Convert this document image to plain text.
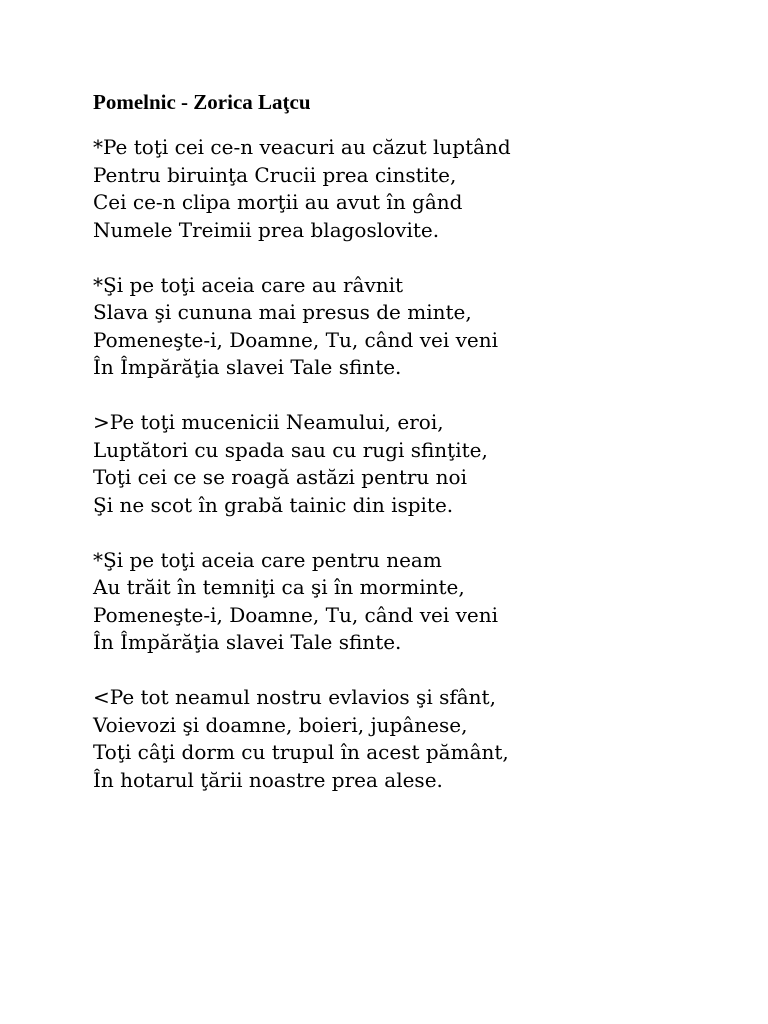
Pomelnic - Zorica Laţcu
*Pe toţi cei ce-n veacuri au căzut luptând
Pentru biruinţa Crucii prea cinstite,
Cei ce-n clipa morţii au avut în gând
Numele Treimii prea blagoslovite.
*Şi pe toţi aceia care au râvnit
Slava şi cununa mai presus de minte,
Pomeneşte-i, Doamne, Tu, când vei veni
În Împărăţia slavei Tale sfinte.
>Pe toţi mucenicii Neamului, eroi,
Luptători cu spada sau cu rugi sfinţite,
Toţi cei ce se roagă astăzi pentru noi
Şi ne scot în grabă tainic din ispite.
*Şi pe toţi aceia care pentru neam
Au trăit în temniţi ca şi în morminte,
Pomeneşte-i, Doamne, Tu, când vei veni
În Împărăţia slavei Tale sfinte.
<Pe tot neamul nostru evlavios şi sfânt,
Voievozi şi doamne, boieri, jupânese,
Toţi câţi dorm cu trupul în acest pământ,
În hotarul ţării noastre prea alese.
